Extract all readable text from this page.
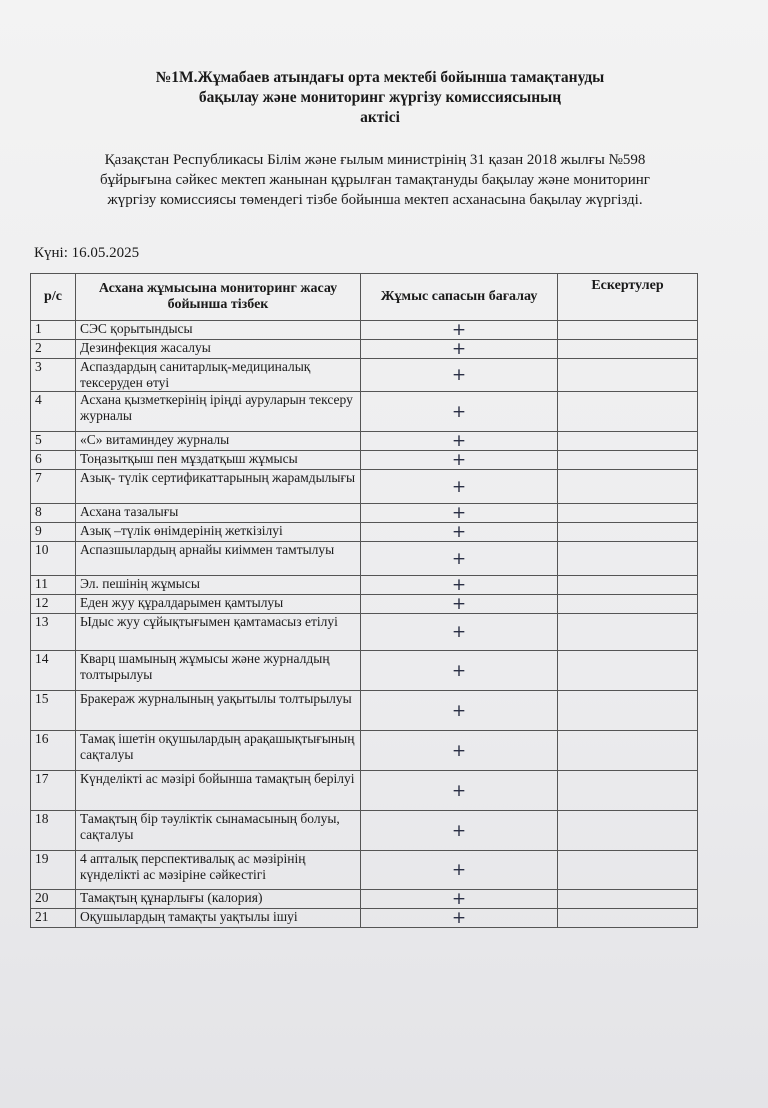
№1М.Жұмабаев атындағы орта мектебі бойынша тамақтануды
бақылау және мониторинг жүргізу комиссиясының
актісі
Қазақстан Республикасы Білім және ғылым министрінің 31 қазан 2018 жылғы №598
бұйрығына сәйкес мектеп жанынан құрылған тамақтануды бақылау және мониторинг
жүргізу комиссиясы төмендегі тізбе бойынша мектеп асханасына бақылау жүргізді.
Күні: 16.05.2025
р/с	Асхана жұмысына мониторинг жасау бойынша тізбек	Жұмыс сапасын бағалау	Ескертулер
1	СЭС қорытындысы	+	
2	Дезинфекция жасалуы	+	
3	Аспаздардың санитарлық-медициналық тексеруден өтуі	+	
4	Асхана қызметкерінің іріңді ауруларын тексеру журналы	+	
5	«С» витаминдеу журналы	+	
6	Тоңазытқыш пен мұздатқыш жұмысы	+	
7	Азық- түлік сертификаттарының жарамдылығы	+	
8	Асхана тазалығы	+	
9	Азық –түлік өнімдерінің жеткізілуі	+	
10	Аспазшылардың арнайы киіммен тамтылуы	+	
11	Эл. пешінің жұмысы	+	
12	Еден жуу құралдарымен қамтылуы	+	
13	Ыдыс жуу сұйықтығымен қамтамасыз етілуі	+	
14	Кварц шамының жұмысы және журналдың толтырылуы	+	
15	Бракераж журналының уақытылы толтырылуы	+	
16	Тамақ ішетін оқушылардың арақашықтығының сақталуы	+	
17	Күнделікті ас мәзірі бойынша тамақтың берілуі	+	
18	Тамақтың бір тәуліктік сынамасының болуы, сақталуы	+	
19	4 апталық перспективалық ас мәзірінің күнделікті ас мәзіріне сәйкестігі	+	
20	Тамақтың құнарлығы (калория)	+	
21	Оқушылардың тамақты уақтылы ішуі	+	
